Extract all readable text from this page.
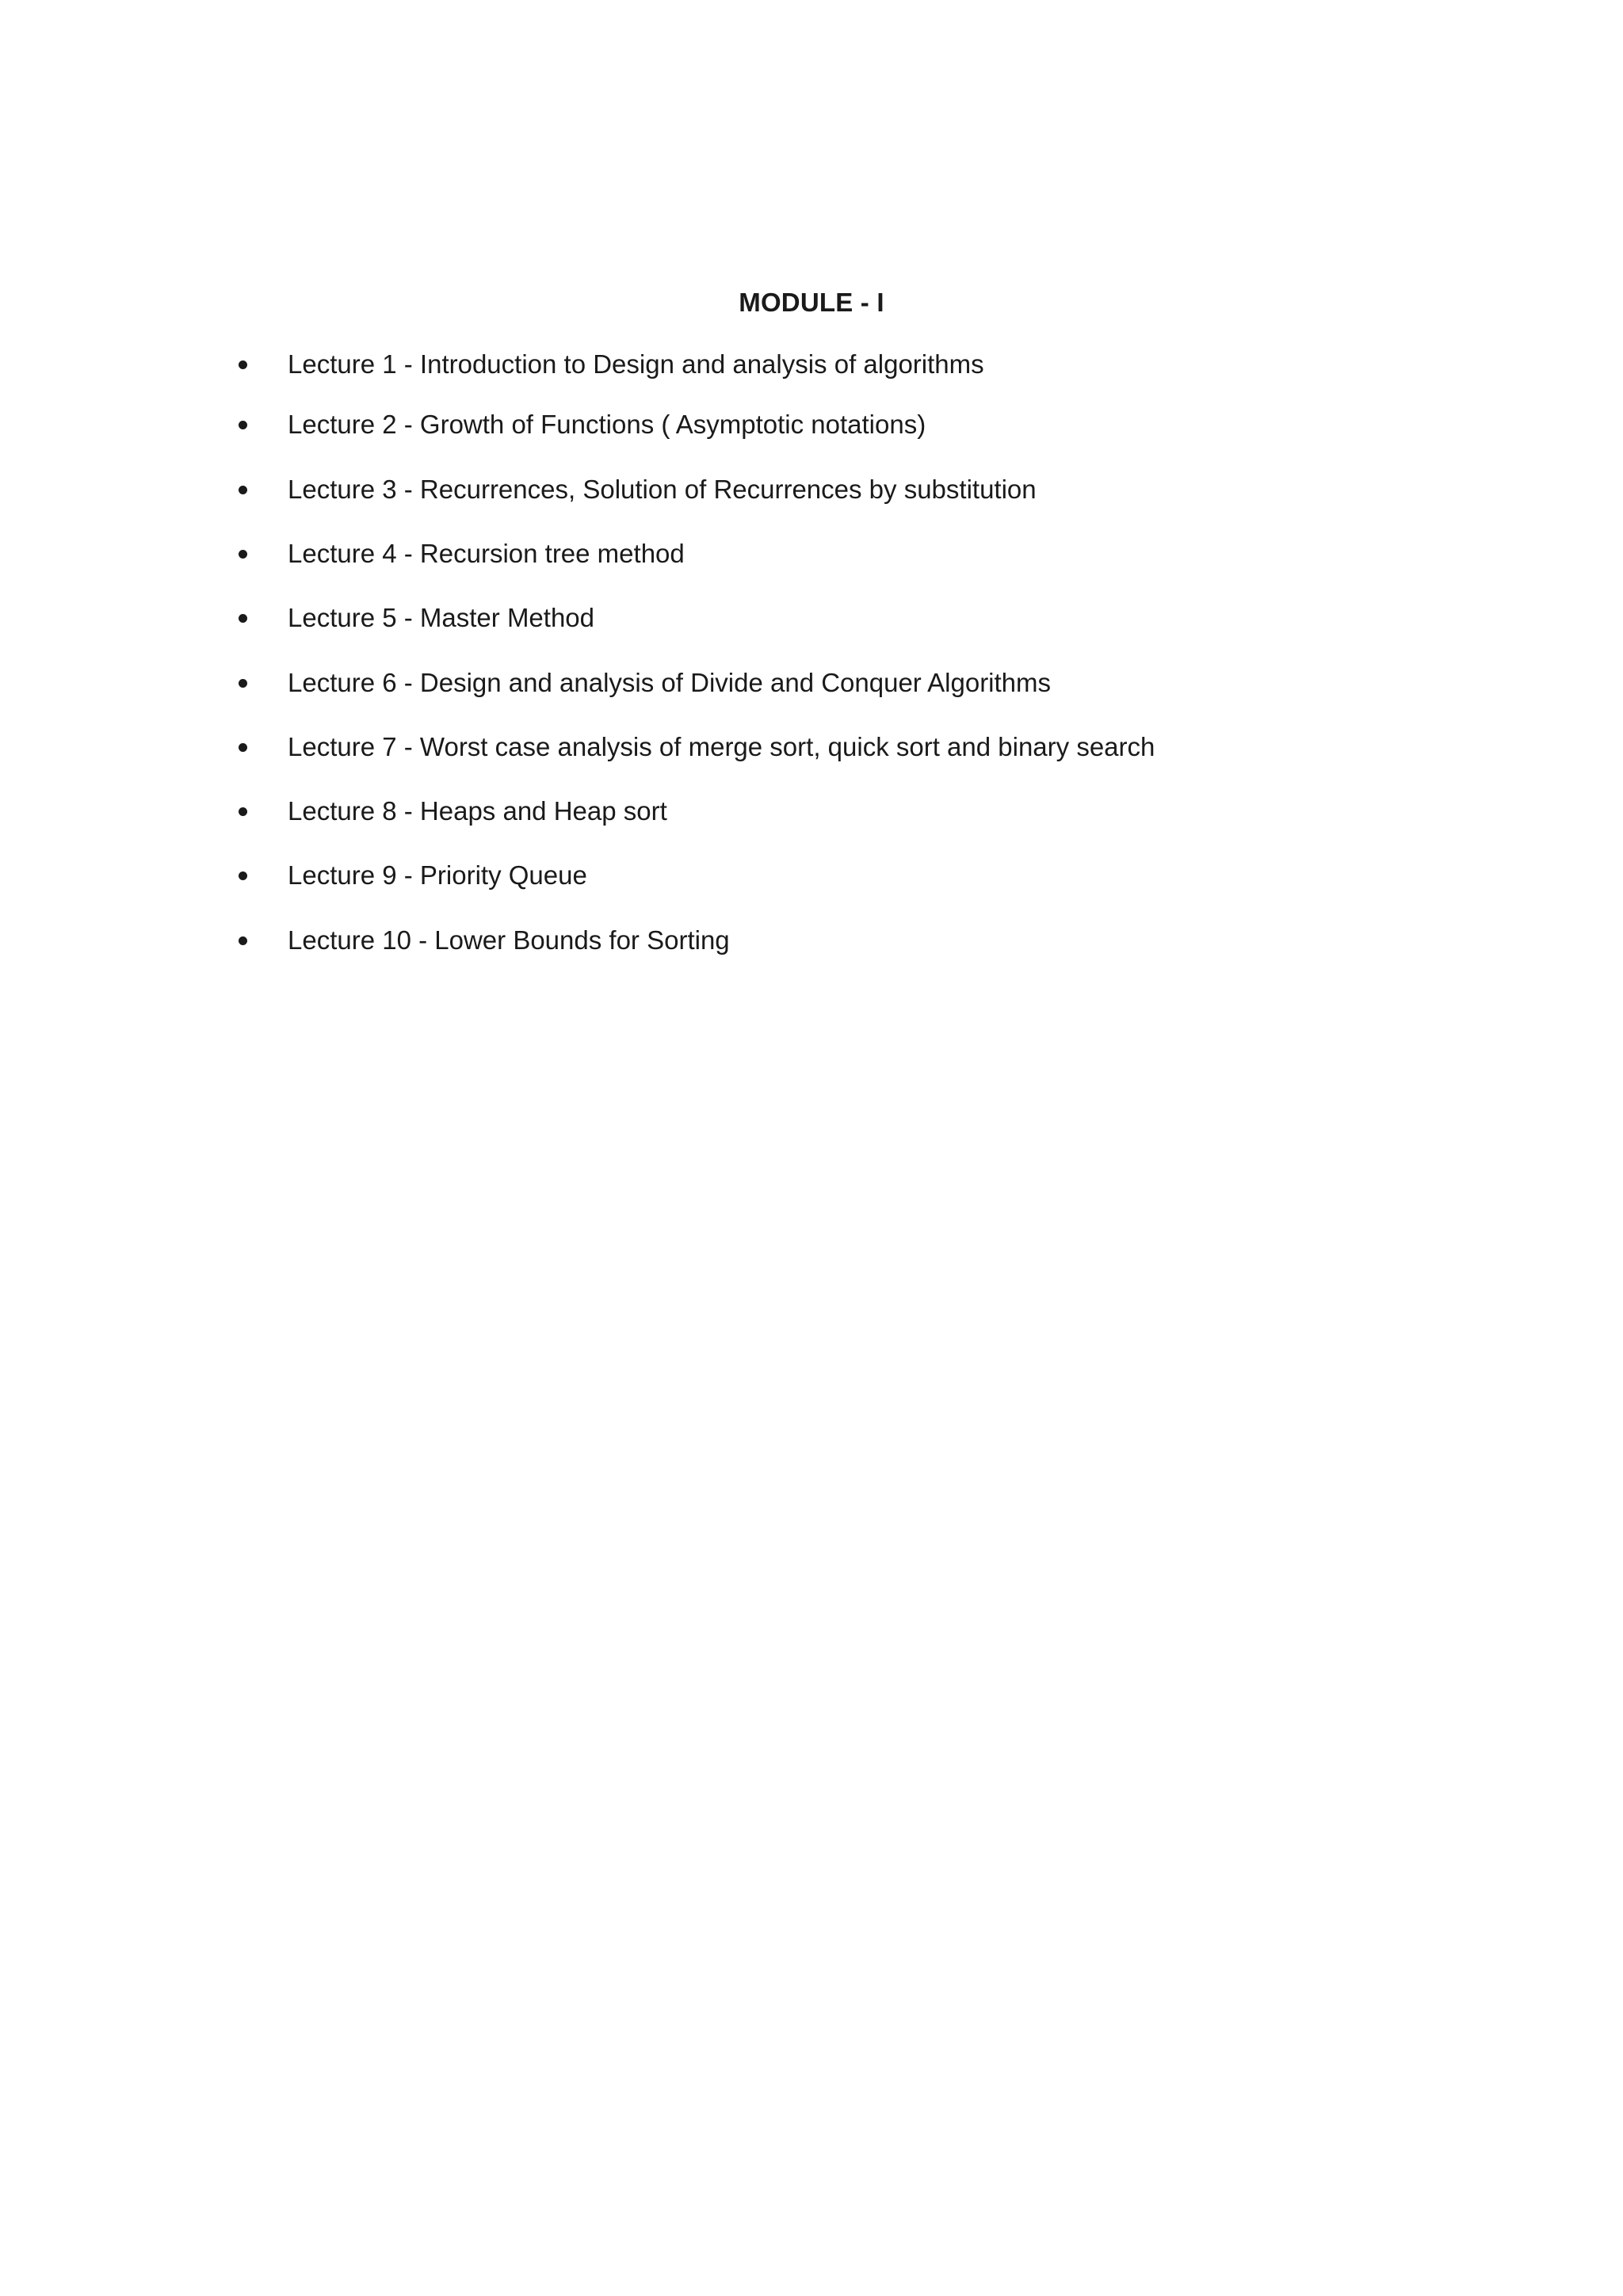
MODULE - I
Lecture 1 - Introduction to Design and analysis of algorithms
Lecture 2 - Growth of Functions ( Asymptotic notations)
Lecture 3 - Recurrences, Solution of Recurrences by substitution
Lecture 4 - Recursion tree method
Lecture 5 - Master Method
Lecture 6 - Design and analysis of Divide and Conquer Algorithms
Lecture 7 - Worst case analysis of merge sort, quick sort and binary search
Lecture 8 - Heaps and Heap sort
Lecture 9 - Priority Queue
Lecture 10 - Lower Bounds for Sorting
